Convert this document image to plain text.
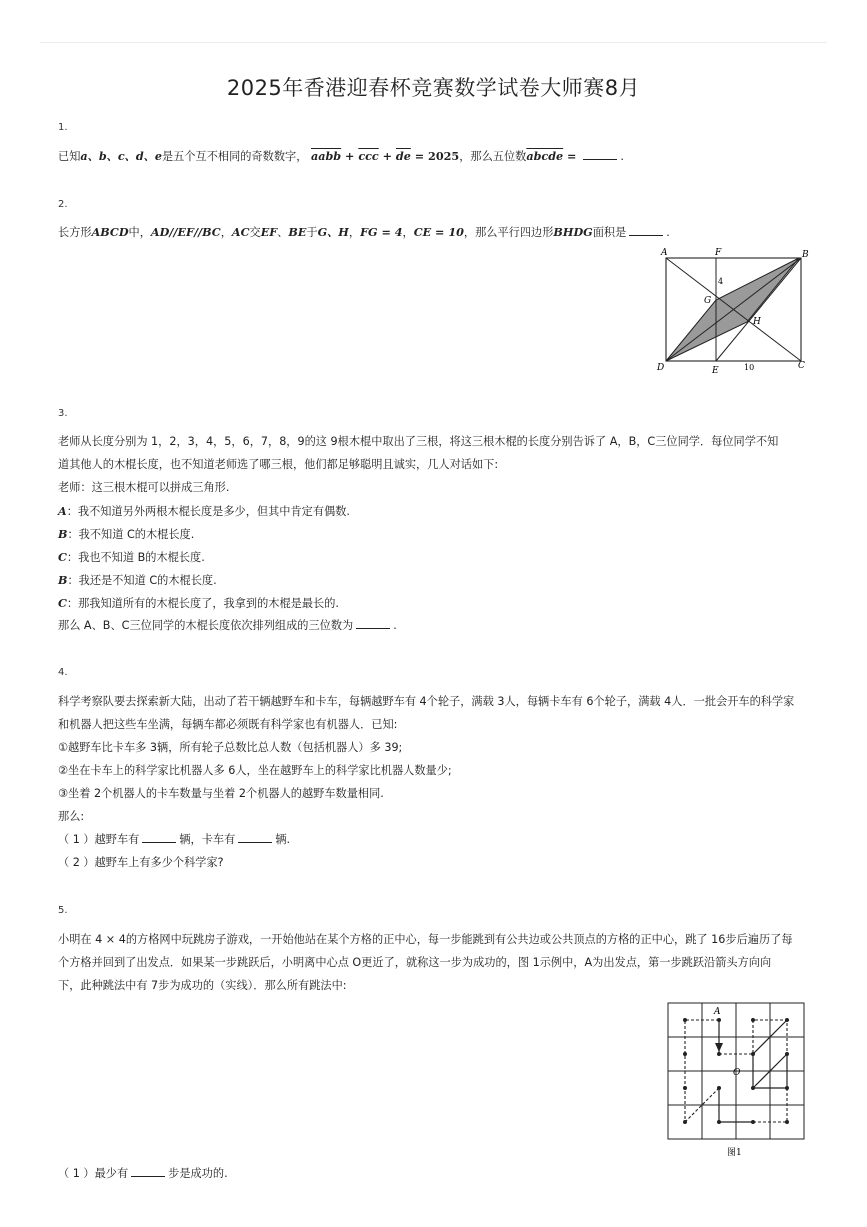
2025年香港迎春杯竞赛数学试卷大师赛8月
1.
已知a、b、c、d、e是五个互不相同的奇数数字， aabb + $\overline{ccc} + \overline{de} = 2025$，那么五位数abcde =	.
2.
长方形ABCD中，AD//EF//BC，AC交EF、BE于G、H，FG = 4，CE = 10，那么平行四边形BHDG面积是	.
A	F	B
G
H
D	E	C
4
10
3.
老师从长度分别为 1，2，3，4，5，6，7，8，9的这 9根木棍中取出了三根，将这三根木棍的长度分别告诉了 A，B，C三位同学．每位同学不知
道其他人的木棍长度，也不知道老师选了哪三根，他们都足够聪明且诚实，几人对话如下:
老师：这三根木棍可以拼成三角形.
A：我不知道另外两根木棍长度是多少，但其中肯定有偶数.
B：我不知道 C的木棍长度.
C：我也不知道 B的木棍长度.
B：我还是不知道 C的木棍长度.
C：那我知道所有的木棍长度了，我拿到的木棍是最长的.
那么 A、B、C三位同学的木棍长度依次排列组成的三位数为	.
4.
科学考察队要去探索新大陆，出动了若干辆越野车和卡车，每辆越野车有 4个轮子，满载 3人，每辆卡车有 6个轮子，满载 4人．一批会开车的科学家
和机器人把这些车坐满，每辆车都必须既有科学家也有机器人．已知:
①越野车比卡车多 3辆，所有轮子总数比总人数（包括机器人）多 39;
②坐在卡车上的科学家比机器人多 6人，坐在越野车上的科学家比机器人数量少;
③坐着 2个机器人的卡车数量与坐着 2个机器人的越野车数量相同.
那么:
（ 1 ）越野车有	辆，卡车有	辆.
（ 2 ）越野车上有多少个科学家?
5.
小明在 4 × 4的方格网中玩跳房子游戏，一开始他站在某个方格的正中心，每一步能跳到有公共边或公共顶点的方格的正中心，跳了 16步后遍历了每
个方格并回到了出发点．如果某一步跳跃后，小明离中心点 O更近了，就称这一步为成功的，图 1示例中，A为出发点，第一步跳跃沿箭头方向向
下，此种跳法中有 7步为成功的（实线）．那么所有跳法中:
A
O
图1
（ 1 ）最少有	步是成功的.
